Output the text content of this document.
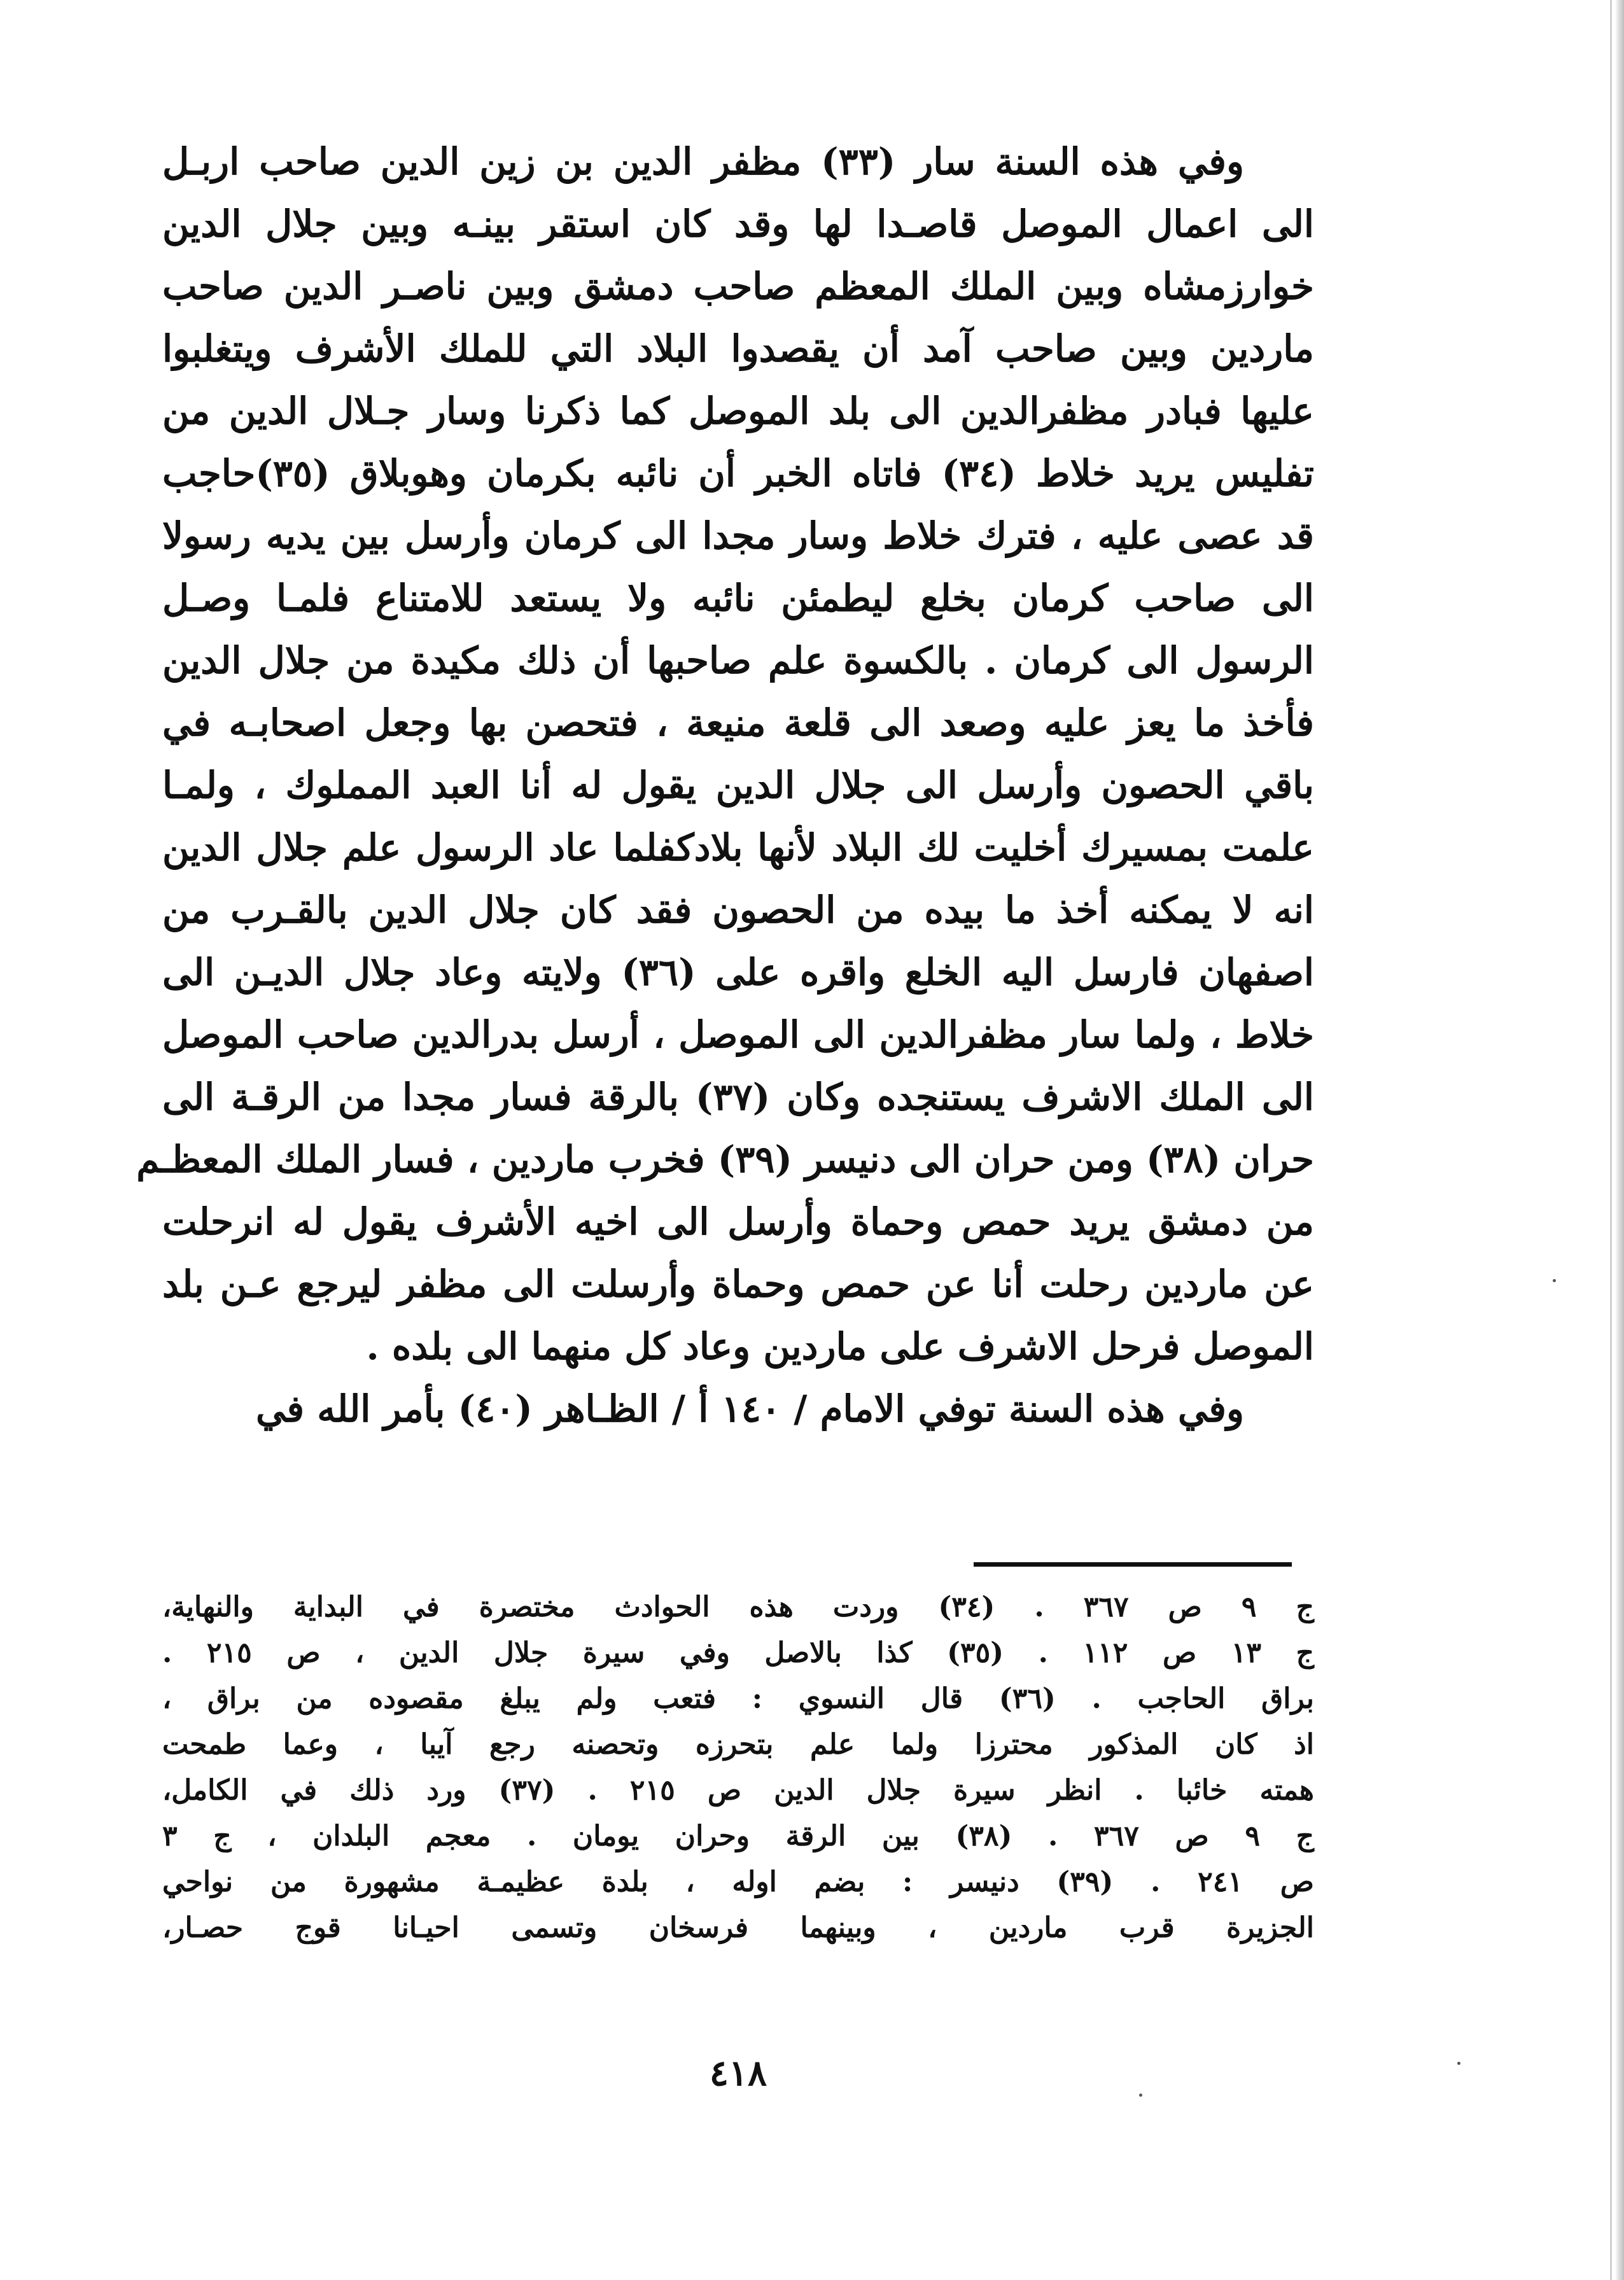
وفي هذه السنة سار (٣٣) مظفر الدين بن زين الدين صاحب اربـل
الى اعمال الموصل قاصـدا لها وقد كان استقر بينـه وبين جلال الدين
خوارزمشاه وبين الملك المعظم صاحب دمشق وبين ناصـر الدين صاحب
ماردين وبين صاحب آمد أن يقصدوا البلاد التي للملك الأشرف ويتغلبوا
عليها فبادر مظفرالدين الى بلد الموصل كما ذكرنا وسار جـلال الدين من
تفليس يريد خلاط (٣٤) فاتاه الخبر أن نائبه بكرمان وهوبلاق (٣٥)حاجب
قد عصى عليه ، فترك خلاط وسار مجدا الى كرمان وأرسل بين يديه رسولا
الى صاحب كرمان بخلع ليطمئن نائبه ولا يستعد للامتناع فلمـا وصـل
الرسول الى كرمان . بالكسوة علم صاحبها أن ذلك مكيدة من جلال الدين
فأخذ ما يعز عليه وصعد الى قلعة منيعة ، فتحصن بها وجعل اصحابـه في
باقي الحصون وأرسل الى جلال الدين يقول له أنا العبد المملوك ، ولمـا
علمت بمسيرك أخليت لك البلاد لأنها بلادكفلما عاد الرسول علم جلال الدين
انه لا يمكنه أخذ ما بيده من الحصون فقد كان جلال الدين بالقـرب من
اصفهان فارسل اليه الخلع واقره على (٣٦) ولايته وعاد جلال الديـن الى
خلاط ، ولما سار مظفرالدين الى الموصل ، أرسل بدرالدين صاحب الموصل
الى الملك الاشرف يستنجده وكان (٣٧) بالرقة فسار مجدا من الرقـة الى
حران (٣٨) ومن حران الى دنيسر (٣٩) فخرب ماردين ، فسار الملك المعظـم
من دمشق يريد حمص وحماة وأرسل الى اخيه الأشرف يقول له انرحلت
عن ماردين رحلت أنا عن حمص وحماة وأرسلت الى مظفر ليرجع عـن بلد
الموصل فرحل الاشرف على ماردين وعاد كل منهما الى بلده .
وفي هذه السنة توفي الامام / ١٤٠ أ / الظـاهر (٤٠) بأمر الله في
ج ٩ ص ٣٦٧ . (٣٤) وردت هذه الحوادث مختصرة في البداية والنهاية،
ج ١٣ ص ١١٢ . (٣٥) كذا بالاصل وفي سيرة جلال الدين ، ص ٢١٥ .
براق الحاجب . (٣٦) قال النسوي : فتعب ولم يبلغ مقصوده من براق ،
اذ كان المذكور محترزا ولما علم بتحرزه وتحصنه رجع آيبا ، وعما طمحت
همته خائبا . انظر سيرة جلال الدين ص ٢١٥ . (٣٧) ورد ذلك في الكامل،
ج ٩ ص ٣٦٧ . (٣٨) بين الرقة وحران يومان . معجم البلدان ، ج ٣
ص ٢٤١ . (٣٩) دنيسر : بضم اوله ، بلدة عظيمـة مشهورة من نواحي
الجزيرة قرب ماردين ، وبينهما فرسخان وتسمى احيـانا قوج حصـار،
٤١٨
